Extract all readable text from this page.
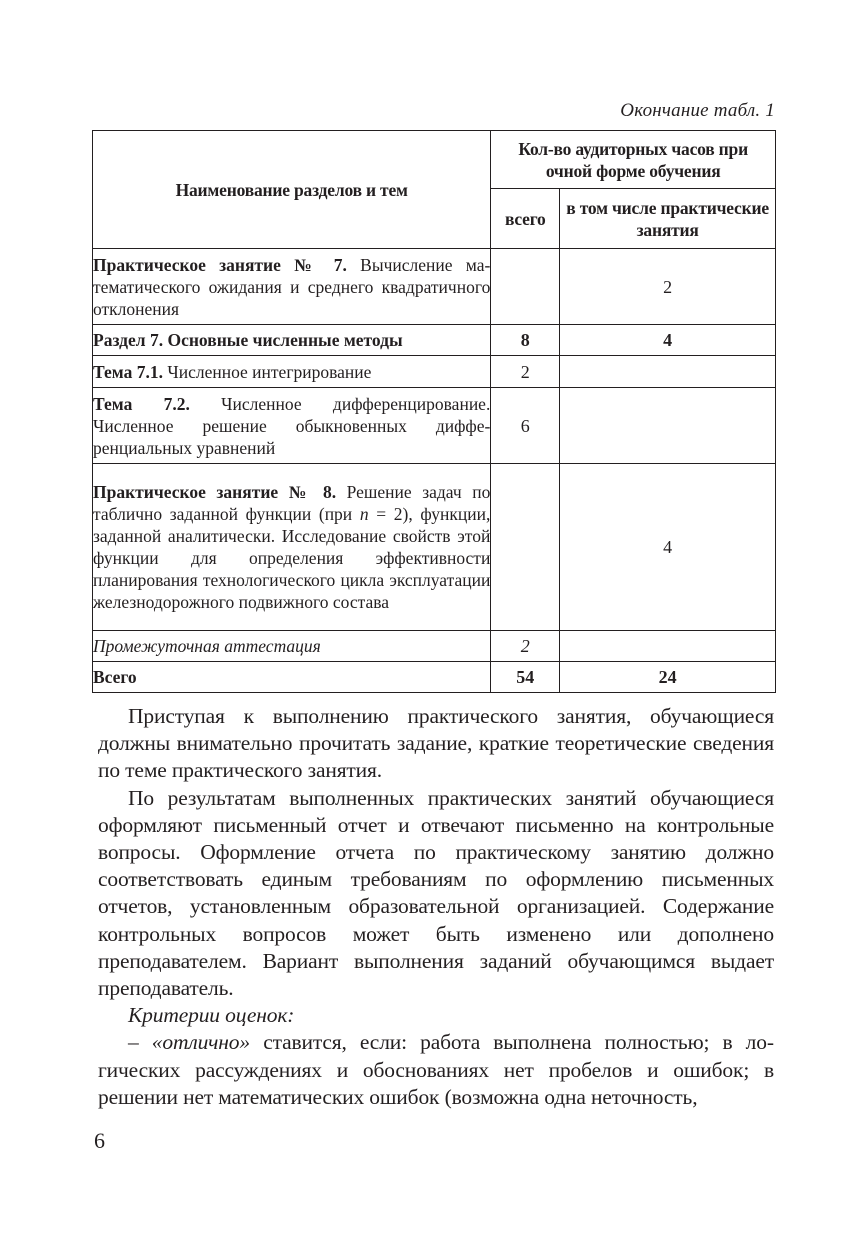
Окончание табл. 1
Наименование разделов и тем	Кол-во аудиторных часов при очной форме обучения	
	всего	в том числе практические занятия
Практическое занятие № 7. Вычисление математического ожидания и среднего квадратичного отклонения		2
Раздел 7. Основные численные методы	8	4
Тема 7.1. Численное интегрирование	2	
Тема 7.2. Численное дифференцирование. Численное решение обыкновенных дифференциальных уравнений	6	
Практическое занятие № 8. Решение задач по таблично заданной функции (при n = 2), функции, заданной аналитически. Исследование свойств этой функции для определения эффективности планирования технологического цикла эксплуатации железнодорожного подвижного состава		4
Промежуточная аттестация	2	
Всего	54	24

Приступая к выполнению практического занятия, обучающиеся должны внимательно прочитать задание, краткие теоретические сведения по теме практического занятия.

По результатам выполненных практических занятий обучающиеся оформляют письменный отчет и отвечают письменно на контрольные вопросы. Оформление отчета по практическому занятию должно соответствовать единым требованиям по оформлению письменных отчетов, установленным образовательной организацией. Содержание контрольных вопросов может быть изменено или дополнено преподавателем. Вариант выполнения заданий обучающимся выдает преподаватель.

Критерии оценок:

– «отлично» ставится, если: работа выполнена полностью; в логических рассуждениях и обоснованиях нет пробелов и ошибок; в решении нет математических ошибок (возможна одна неточность,

6
